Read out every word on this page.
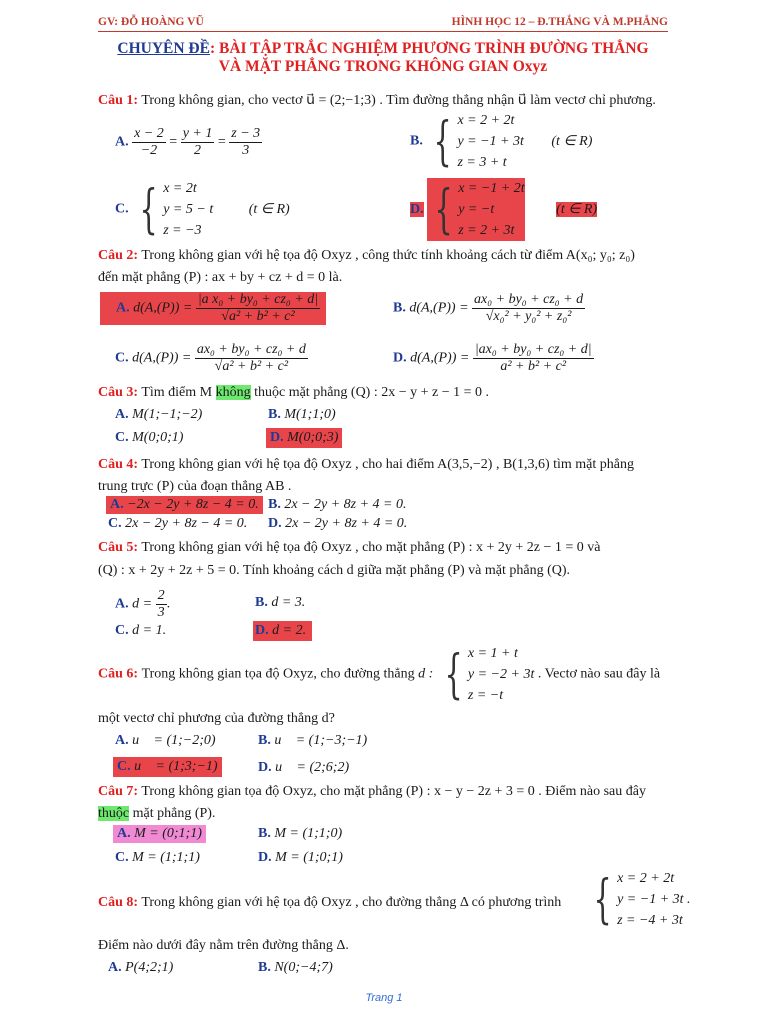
GV: ĐỖ HOÀNG VŨ	HÌNH HỌC 12 – Đ.THẮNG VÀ M.PHẲNG
CHUYÊN ĐỀ: BÀI TẬP TRẮC NGHIỆM PHƯƠNG TRÌNH ĐƯỜNG THẲNG
VÀ MẶT PHẲNG TRONG KHÔNG GIAN Oxyz
Câu 1: Trong không gian, cho vectơ u⃗ = (2;−1;3) . Tìm đường thẳng nhận u⃗ làm vectơ chỉ phương.
A. $\frac{x - 2}{-2} = \frac{y + 1}{2} = \frac{z - 3}{3}$	B. { x = 2 + 2t
y = −1 + 3t
z = 3 + t
(t ∈ R)
C. { x = 2t
y = 5 − t
z = −3
(t ∈ R)	D. { x = −1 + 2t
y = −t
z = 2 + 3t
(t ∈ R)
Câu 2: Trong không gian với hệ tọa độ Oxyz , công thức tính khoảng cách từ điểm A(x₀; y₀; z₀)
đến mặt phẳng (P) : ax + by + cz + d = 0 là.
A. $d(A,(P)) = \frac{\text{|a x₀ + by₀ + cz₀ + d|}}{\text{√a² + b² + c²}}$	B. $d(A,(P)) = \frac{\text{ax₀ + by₀ + cz₀ + d}}{\text{√x₀² + y₀² + z₀²}}$
C. $d(A,(P)) = \frac{\text{ax₀ + by₀ + cz₀ + d}}{\text{√a² + b² + c²}}$	D. $d(A,(P)) = \frac{\text{|ax₀ + by₀ + cz₀ + d|}}{\text{a² + b² + c²}}$
Câu 3: Tìm điểm M không thuộc mặt phẳng (Q) : 2x − y + z − 1 = 0 .
A. M(1;−1;−2)	B. M(1;1;0)
C. M(0;0;1)	D. M(0;0;3)
Câu 4: Trong không gian với hệ tọa độ Oxyz , cho hai điểm A(3,5,−2) , B(1,3,6) tìm mặt phẳng
trung trực (P) của đoạn thẳng AB .
A. −2x − 2y + 8z − 4 = 0. B. 2x − 2y + 8z + 4 = 0.
C. 2x − 2y + 8z − 4 = 0. D. 2x − 2y + 8z + 4 = 0.
Câu 5: Trong không gian với hệ tọa độ Oxyz , cho mặt phẳng (P) : x + 2y + 2z − 1 = 0 và
(Q) : x + 2y + 2z + 5 = 0. Tính khoảng cách d giữa mặt phẳng (P) và mặt phẳng (Q).
A. $d = \frac{2}{3}$ .	B. d = 3.
C. d = 1.	D. d = 2.
Câu 6: Trong không gian tọa độ Oxyz, cho đường thẳng d : { x = 1 + t
y = −2 + 3t
z = −t
. Vectơ nào sau đây là
một vectơ chỉ phương của đường thẳng d?
A. u⃗ = (1;−2;0)	B. u⃗ = (1;−3;−1)
C. u⃗ = (1;3;−1)	D. u⃗ = (2;6;2)
Câu 7: Trong không gian tọa độ Oxyz, cho mặt phẳng (P) : x − y − 2z + 3 = 0 . Điểm nào sau đây
thuộc mặt phẳng (P).
A. M = (0;1;1)	B. M = (1;1;0)
C. M = (1;1;1)	D. M = (1;0;1)
Câu 8: Trong không gian với hệ tọa độ Oxyz , cho đường thẳng Δ có phương trình { x = 2 + 2t
y = −1 + 3t .
z = −4 + 3t
Điểm nào dưới đây nằm trên đường thẳng Δ.
A. P(4;2;1)	B. N(0;−4;7)
Trang 1
